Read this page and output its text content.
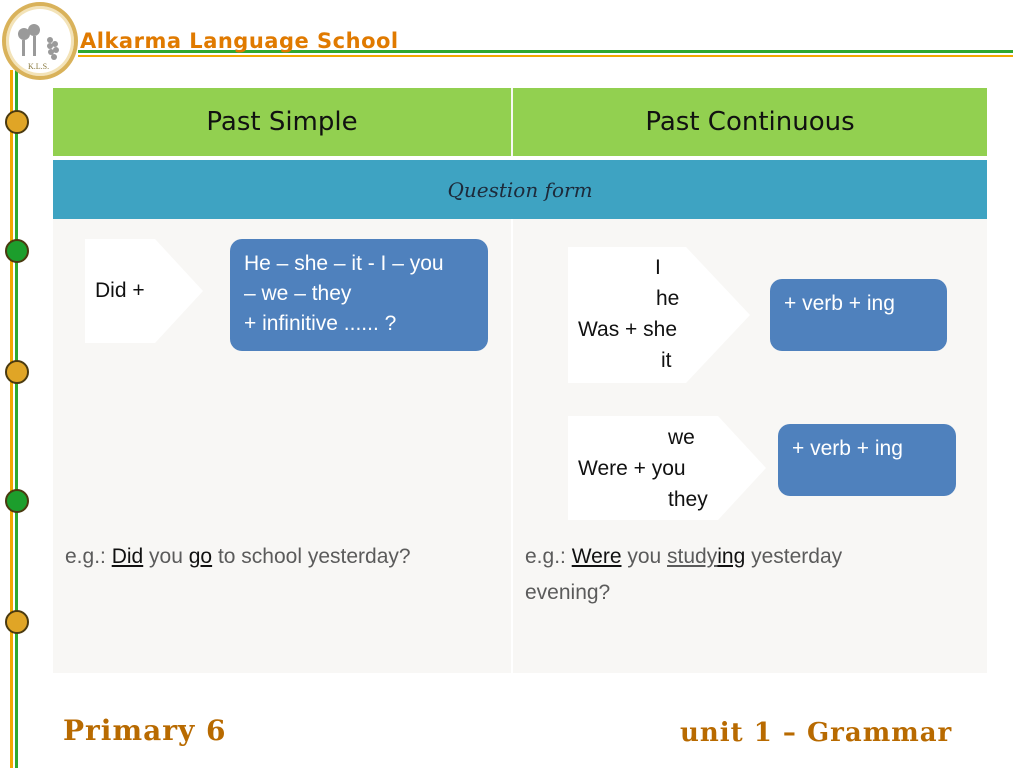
K.L.S.
Alkarma Language School
Past Simple	Past Continuous
Question form
Did +
He – she – it - I – you
– we – they
+ infinitive ...... ?
I
he
Was + she
it
+ verb + ing
we
Were + you
they
+ verb + ing
e.g.: Did you go to school yesterday?	e.g.: Were you studying yesterday
evening?
Primary 6	unit 1 – Grammar
